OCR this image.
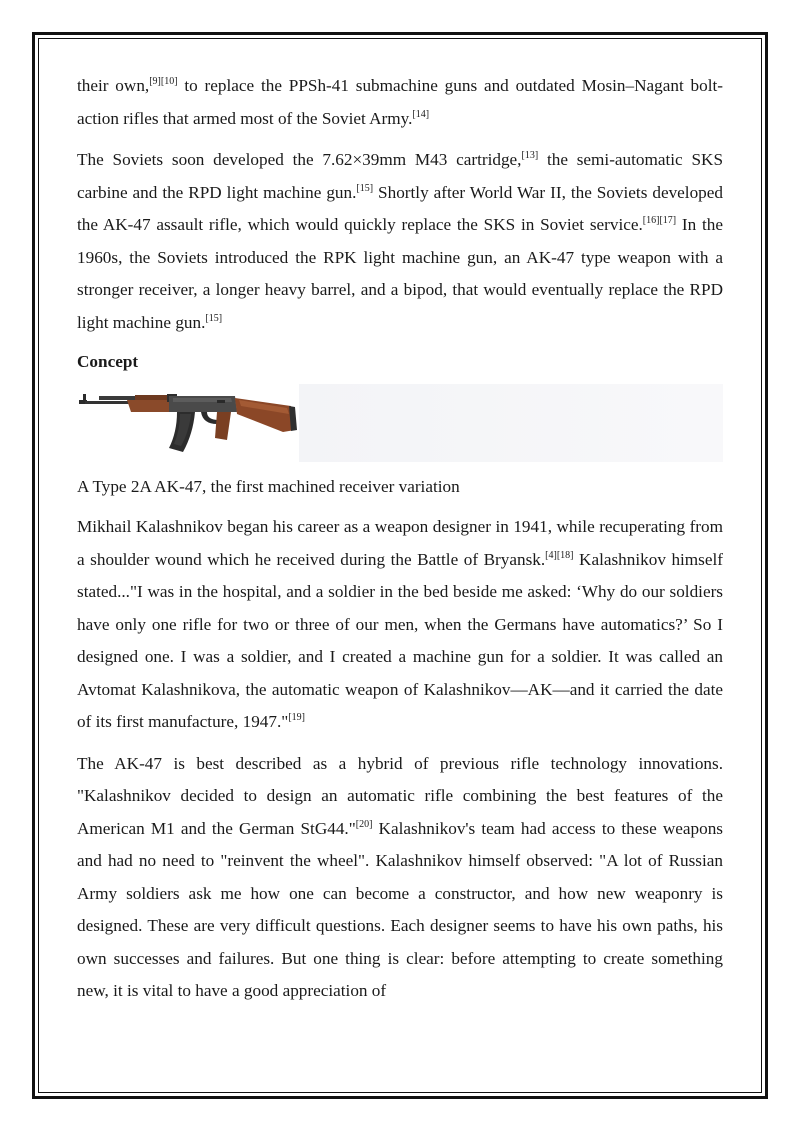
their own,[9][10] to replace the PPSh-41 submachine guns and outdated Mosin–Nagant bolt-action rifles that armed most of the Soviet Army.[14]

The Soviets soon developed the 7.62×39mm M43 cartridge,[13] the semi-automatic SKS carbine and the RPD light machine gun.[15] Shortly after World War II, the Soviets developed the AK-47 assault rifle, which would quickly replace the SKS in Soviet service.[16][17] In the 1960s, the Soviets introduced the RPK light machine gun, an AK-47 type weapon with a stronger receiver, a longer heavy barrel, and a bipod, that would eventually replace the RPD light machine gun.[15]

Concept
A Type 2A AK-47, the first machined receiver variation

Mikhail Kalashnikov began his career as a weapon designer in 1941, while recuperating from a shoulder wound which he received during the Battle of Bryansk.[4][18] Kalashnikov himself stated..."I was in the hospital, and a soldier in the bed beside me asked: ‘Why do our soldiers have only one rifle for two or three of our men, when the Germans have automatics?’ So I designed one. I was a soldier, and I created a machine gun for a soldier. It was called an Avtomat Kalashnikova, the automatic weapon of Kalashnikov—AK—and it carried the date of its first manufacture, 1947."[19]

The AK-47 is best described as a hybrid of previous rifle technology innovations. "Kalashnikov decided to design an automatic rifle combining the best features of the American M1 and the German StG44."[20] Kalashnikov's team had access to these weapons and had no need to "reinvent the wheel". Kalashnikov himself observed: "A lot of Russian Army soldiers ask me how one can become a constructor, and how new weaponry is designed. These are very difficult questions. Each designer seems to have his own paths, his own successes and failures. But one thing is clear: before attempting to create something new, it is vital to have a good appreciation of
